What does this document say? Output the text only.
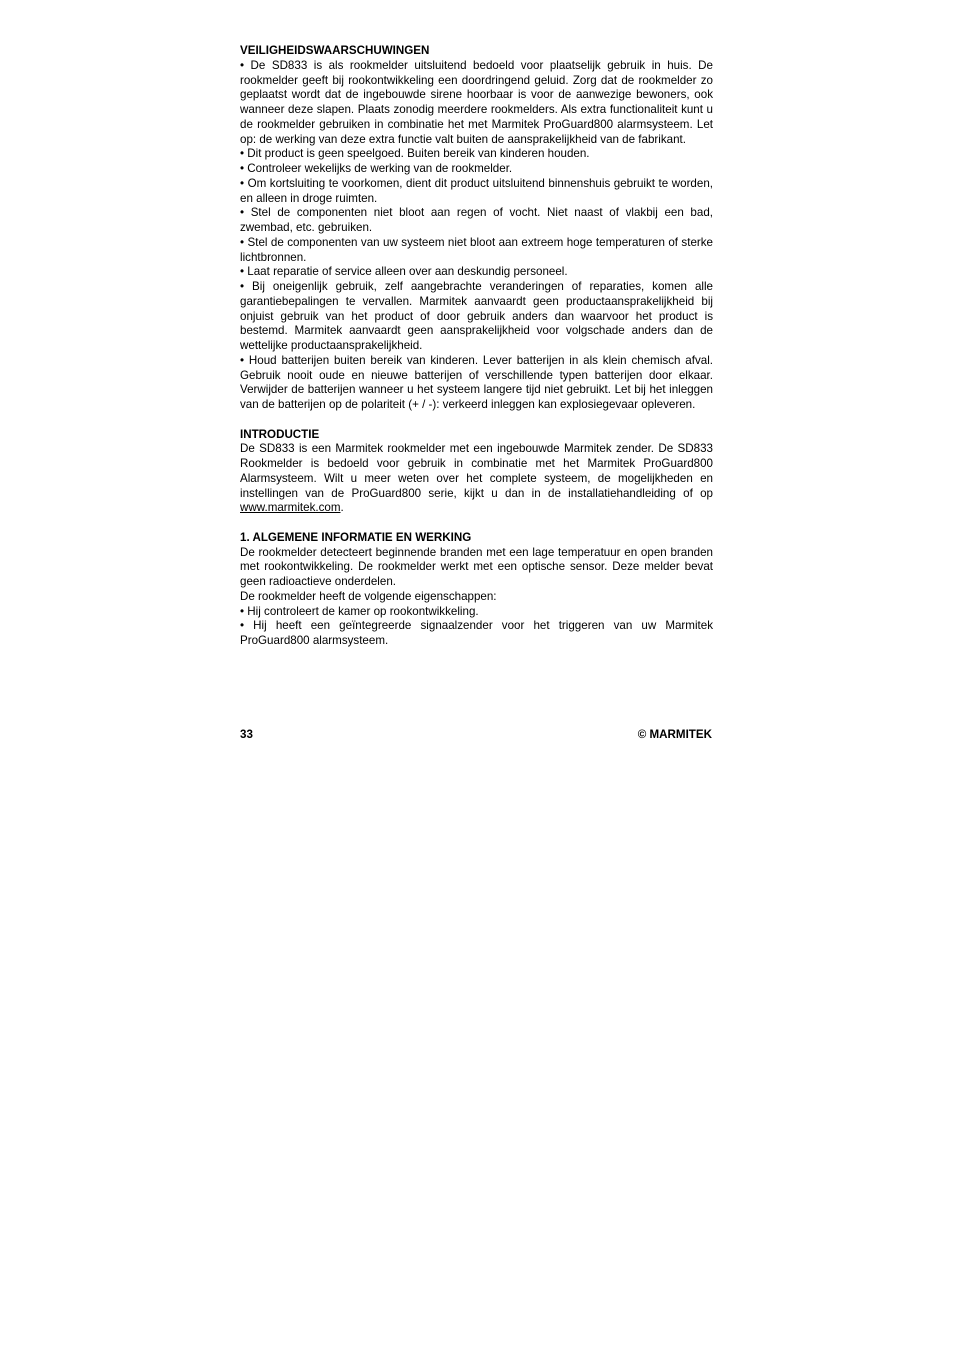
VEILIGHEIDSWAARSCHUWINGEN

• De SD833 is als rookmelder uitsluitend bedoeld voor plaatselijk gebruik in huis. De rookmelder geeft bij rookontwikkeling een doordringend geluid. Zorg dat de rookmelder zo geplaatst wordt dat de ingebouwde sirene hoorbaar is voor de aanwezige bewoners, ook wanneer deze slapen. Plaats zonodig meerdere rookmelders. Als extra functionaliteit kunt u de rookmelder gebruiken in combinatie het met Marmitek ProGuard800 alarmsysteem. Let op: de werking van deze extra functie valt buiten de aansprakelijkheid van de fabrikant.

• Dit product is geen speelgoed. Buiten bereik van kinderen houden.

• Controleer wekelijks de werking van de rookmelder.

• Om kortsluiting te voorkomen, dient dit product uitsluitend binnenshuis gebruikt te worden, en alleen in droge ruimten.

• Stel de componenten niet bloot aan regen of vocht. Niet naast of vlakbij een bad, zwembad, etc. gebruiken.

• Stel de componenten van uw systeem niet bloot aan extreem hoge temperaturen of sterke lichtbronnen.

• Laat reparatie of service alleen over aan deskundig personeel.

• Bij oneigenlijk gebruik, zelf aangebrachte veranderingen of reparaties, komen alle garantiebepalingen te vervallen. Marmitek aanvaardt geen productaansprakelijkheid bij onjuist gebruik van het product of door gebruik anders dan waarvoor het product is bestemd. Marmitek aanvaardt geen aansprakelijkheid voor volgschade anders dan de wettelijke productaansprakelijkheid.

• Houd batterijen buiten bereik van kinderen. Lever batterijen in als klein chemisch afval. Gebruik nooit oude en nieuwe batterijen of verschillende typen batterijen door elkaar. Verwijder de batterijen wanneer u het systeem langere tijd niet gebruikt. Let bij het inleggen van de batterijen op de polariteit (+ / -): verkeerd inleggen kan explosiegevaar opleveren.

INTRODUCTIE

De SD833 is een Marmitek rookmelder met een ingebouwde Marmitek zender. De SD833 Rookmelder is bedoeld voor gebruik in combinatie met het Marmitek ProGuard800 Alarmsysteem. Wilt u meer weten over het complete systeem, de mogelijkheden en instellingen van de ProGuard800 serie, kijkt u dan in de installatiehandleiding of op www.marmitek.com.

1. ALGEMENE INFORMATIE EN WERKING

De rookmelder detecteert beginnende branden met een lage temperatuur en open branden met rookontwikkeling. De rookmelder werkt met een optische sensor. Deze melder bevat geen radioactieve onderdelen.

De rookmelder heeft de volgende eigenschappen:

• Hij controleert de kamer op rookontwikkeling.

• Hij heeft een geïntegreerde signaalzender voor het triggeren van uw Marmitek ProGuard800 alarmsysteem.

33	© MARMITEK
